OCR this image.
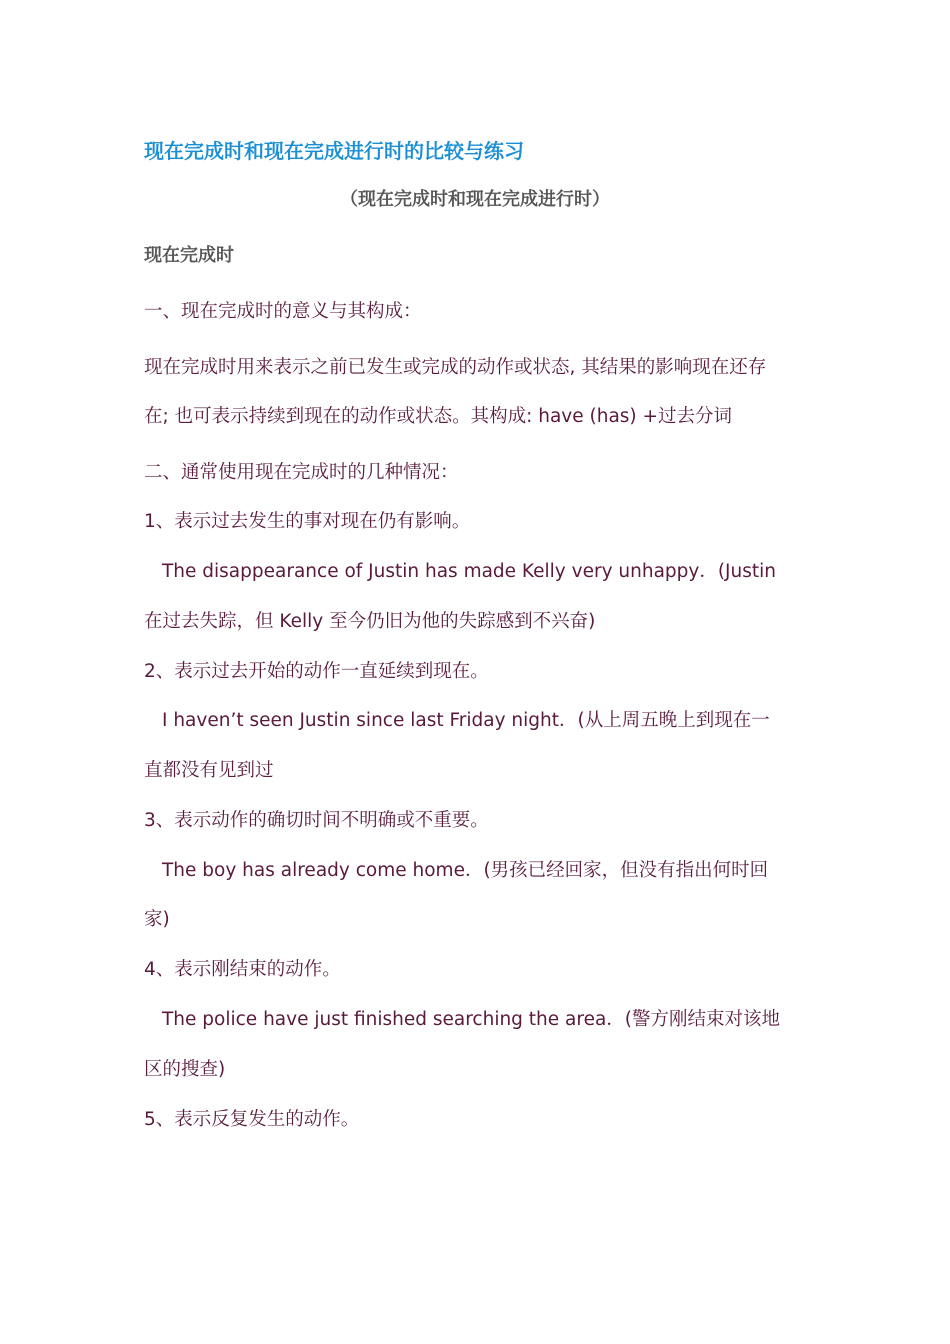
现在完成时和现在完成进行时的比较与练习
（现在完成时和现在完成进行时）
现在完成时
一、现在完成时的意义与其构成：
现在完成时用来表示之前已发生或完成的动作或状态, 其结果的影响现在还存
在; 也可表示持续到现在的动作或状态。其构成: have (has) +过去分词
二、通常使用现在完成时的几种情况：
1、表示过去发生的事对现在仍有影响。
The disappearance of Justin has made Kelly very unhappy．(Justin
在过去失踪，但 Kelly 至今仍旧为他的失踪感到不兴奋)
2、表示过去开始的动作一直延续到现在。
I haven’t seen Justin since last Friday night．(从上周五晚上到现在一
直都没有见到过
3、表示动作的确切时间不明确或不重要。
The boy has already come home．(男孩已经回家，但没有指出何时回
家)
4、表示刚结束的动作。
The police have just finished searching the area．(警方刚结束对该地
区的搜查)
5、表示反复发生的动作。
